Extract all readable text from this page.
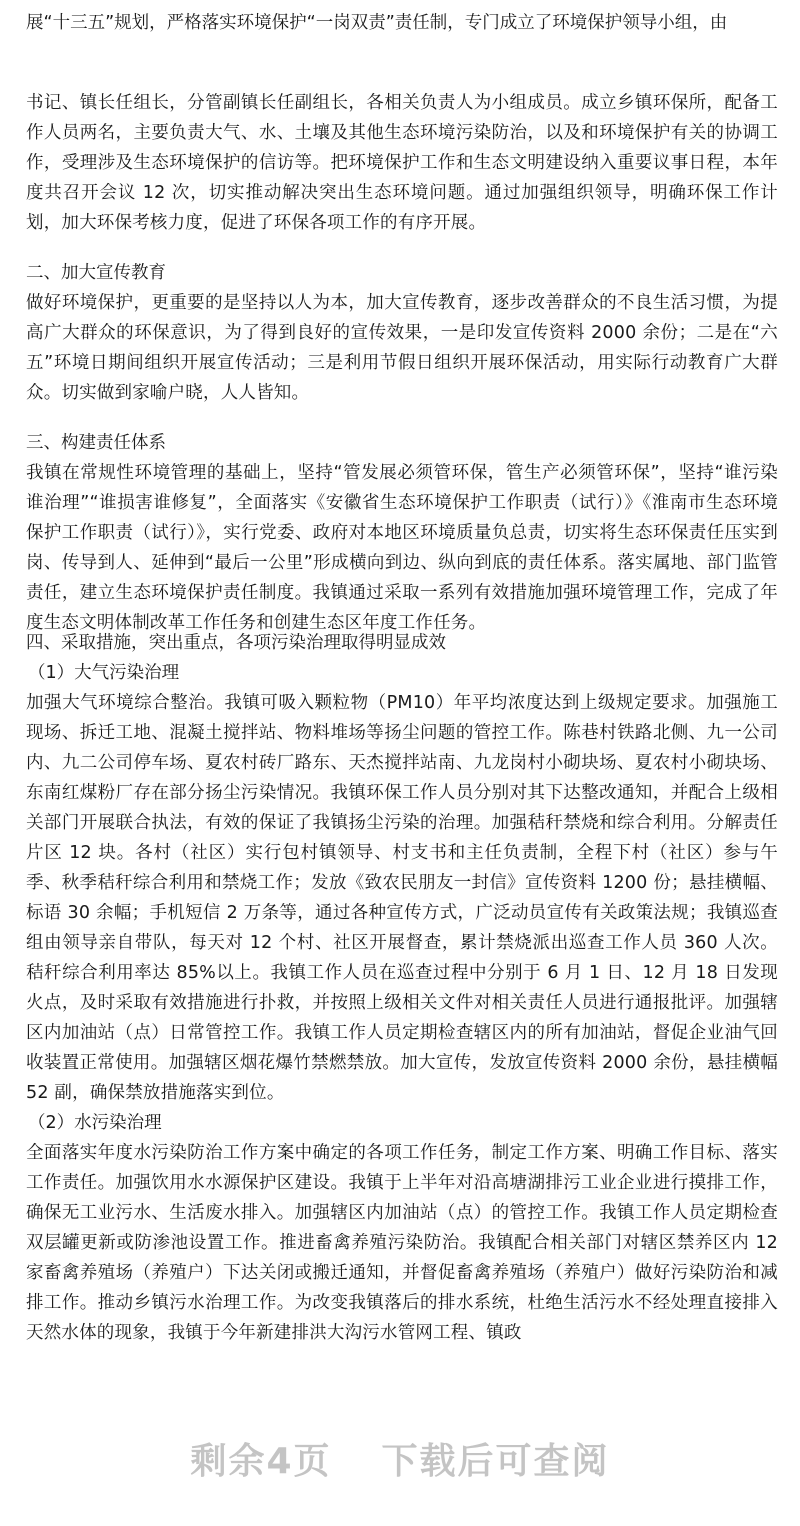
展“十三五”规划，严格落实环境保护“一岗双责”责任制，专门成立了环境保护领导小组，由

书记、镇长任组长，分管副镇长任副组长，各相关负责人为小组成员。成立乡镇环保所，配备工作人员两名，主要负责大气、水、土壤及其他生态环境污染防治，以及和环境保护有关的协调工作，受理涉及生态环境保护的信访等。把环境保护工作和生态文明建设纳入重要议事日程，本年度共召开会议 12 次，切实推动解决突出生态环境问题。通过加强组织领导，明确环保工作计划，加大环保考核力度，促进了环保各项工作的有序开展。

二、加大宣传教育

做好环境保护，更重要的是坚持以人为本，加大宣传教育，逐步改善群众的不良生活习惯，为提高广大群众的环保意识，为了得到良好的宣传效果，一是印发宣传资料 2000 余份；二是在“六五”环境日期间组织开展宣传活动；三是利用节假日组织开展环保活动，用实际行动教育广大群众。切实做到家喻户晓，人人皆知。

三、构建责任体系

我镇在常规性环境管理的基础上，坚持“管发展必须管环保，管生产必须管环保”，坚持“谁污染谁治理”“谁损害谁修复”，全面落实《安徽省生态环境保护工作职责（试行）》《淮南市生态环境保护工作职责（试行）》，实行党委、政府对本地区环境质量负总责，切实将生态环保责任压实到岗、传导到人、延伸到“最后一公里”形成横向到边、纵向到底的责任体系。落实属地、部门监管责任，建立生态环境保护责任制度。我镇通过采取一系列有效措施加强环境管理工作，完成了年度生态文明体制改革工作任务和创建生态区年度工作任务。

四、采取措施，突出重点，各项污染治理取得明显成效

（1）大气污染治理

加强大气环境综合整治。我镇可吸入颗粒物（PM10）年平均浓度达到上级规定要求。加强施工现场、拆迁工地、混凝土搅拌站、物料堆场等扬尘问题的管控工作。陈巷村铁路北侧、九一公司内、九二公司停车场、夏农村砖厂路东、天杰搅拌站南、九龙岗村小砌块场、夏农村小砌块场、东南红煤粉厂存在部分扬尘污染情况。我镇环保工作人员分别对其下达整改通知，并配合上级相关部门开展联合执法，有效的保证了我镇扬尘污染的治理。加强秸秆禁烧和综合利用。分解责任片区 12 块。各村（社区）实行包村镇领导、村支书和主任负责制，全程下村（社区）参与午季、秋季秸秆综合利用和禁烧工作；发放《致农民朋友一封信》宣传资料 1200 份；悬挂横幅、标语 30 余幅；手机短信 2 万条等，通过各种宣传方式，广泛动员宣传有关政策法规；我镇巡查组由领导亲自带队，每天对 12 个村、社区开展督查，累计禁烧派出巡查工作人员 360 人次。秸秆综合利用率达 85%以上。我镇工作人员在巡查过程中分别于 6 月 1 日、12 月 18 日发现火点，及时采取有效措施进行扑救，并按照上级相关文件对相关责任人员进行通报批评。加强辖区内加油站（点）日常管控工作。我镇工作人员定期检查辖区内的所有加油站，督促企业油气回收装置正常使用。加强辖区烟花爆竹禁燃禁放。加大宣传，发放宣传资料 2000 余份，悬挂横幅 52 副，确保禁放措施落实到位。

（2）水污染治理

全面落实年度水污染防治工作方案中确定的各项工作任务，制定工作方案、明确工作目标、落实工作责任。加强饮用水水源保护区建设。我镇于上半年对沿高塘湖排污工业企业进行摸排工作，确保无工业污水、生活废水排入。加强辖区内加油站（点）的管控工作。我镇工作人员定期检查双层罐更新或防渗池设置工作。推进畜禽养殖污染防治。我镇配合相关部门对辖区禁养区内 12 家畜禽养殖场（养殖户）下达关闭或搬迁通知，并督促畜禽养殖场（养殖户）做好污染防治和减排工作。推动乡镇污水治理工作。为改变我镇落后的排水系统，杜绝生活污水不经处理直接排入天然水体的现象，我镇于今年新建排洪大沟污水管网工程、镇政

剩余4页 下载后可查阅
